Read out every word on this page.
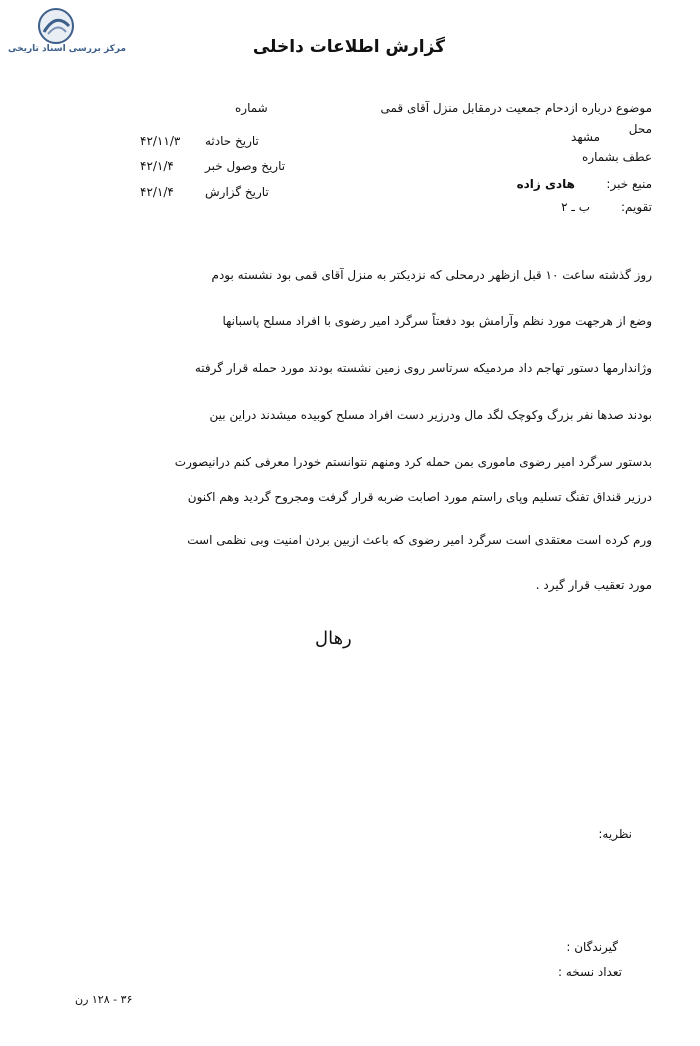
مرکز بررسی اسناد تاریخی	گزارش اطلاعات داخلی
شماره
تاریخ حادثه
۴۲/۱۱/۳
تاریخ وصول خبر
۴۲/۱/۴
تاریخ گزارش
۴۲/۱/۴
موضوع درباره ازدحام جمعیت درمقابل منزل آقای قمی
محل
مشهد
عطف بشماره
منبع خبر:
هادی زاده
تقویم:
ب ـ ۲
روز گذشته ساعت ۱۰ قبل ازظهر درمحلی که نزدیکتر به منزل آقای قمی بود نشسته بودم
وضع از هرجهت مورد نظم وآرامش بود دفعتاً سرگرد امیر رضوی با افراد مسلح پاسبانها
وژاندارمها دستور تهاجم داد مردمیکه سرتاسر روی زمین نشسته بودند مورد حمله قرار گرفته
بودند صدها نفر بزرگ وکوچک لگد مال ودرزیر دست افراد مسلح کوبیده میشدند دراین بین
بدستور سرگرد امیر رضوی ماموری بمن حمله کرد ومنهم نتوانستم خودرا معرفی کنم درانیصورت
درزیر قنداق تفنگ تسلیم وپای راستم مورد اصابت ضربه قرار گرفت ومجروح گردید وهم اکنون
ورم کرده است معتقدی است سرگرد امیر رضوی که باعث ازبین بردن امنیت وبی نظمی است
مورد تعقیب قرار گیرد .
رهال
نظریه:
گیرندگان :
تعداد نسخه :
۳۶ - ۱۲۸ رن
